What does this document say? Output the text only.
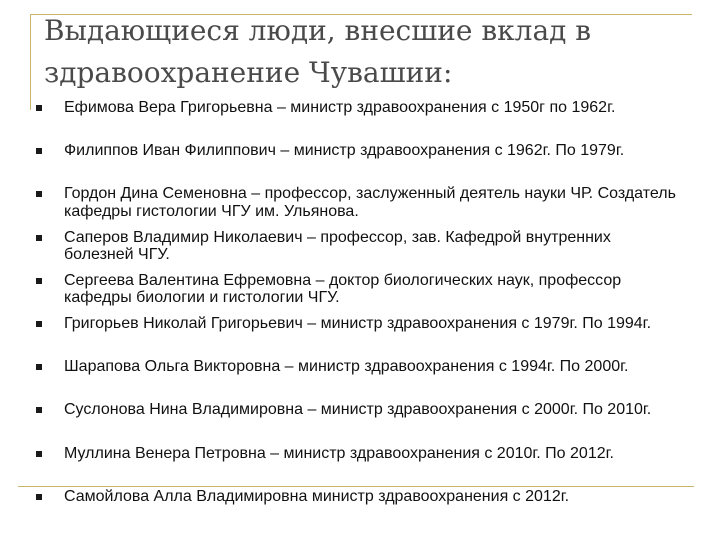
Выдающиеся люди, внесшие вклад в здравоохранение Чувашии:
Ефимова Вера Григорьевна – министр здравоохранения с 1950г по 1962г.
Филиппов Иван Филиппович – министр здравоохранения с 1962г. По 1979г.
Гордон Дина Семеновна – профессор, заслуженный деятель науки ЧР. Создатель кафедры гистологии ЧГУ им. Ульянова.
Саперов Владимир Николаевич – профессор, зав. Кафедрой внутренних болезней ЧГУ.
Сергеева Валентина Ефремовна – доктор биологических наук, профессор кафедры биологии и гистологии ЧГУ.
Григорьев Николай Григорьевич – министр здравоохранения с 1979г. По 1994г.
Шарапова Ольга Викторовна – министр здравоохранения с 1994г. По 2000г.
Суслонова Нина Владимировна – министр здравоохранения с 2000г. По 2010г.
Муллина Венера Петровна – министр здравоохранения с 2010г. По 2012г.
Самойлова Алла Владимировна министр здравоохранения с 2012г.
